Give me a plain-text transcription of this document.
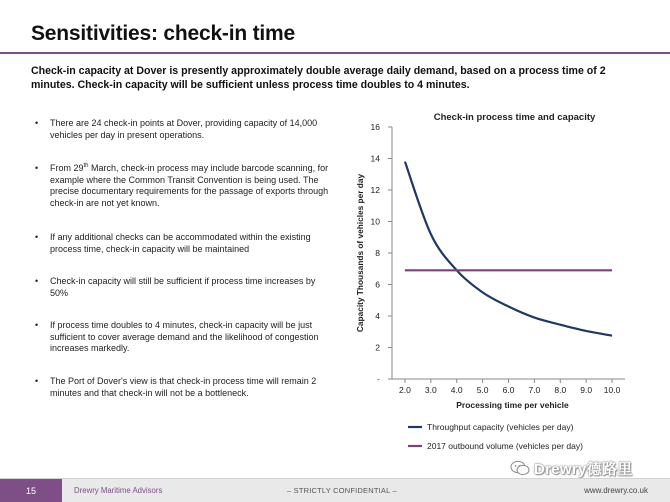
Sensitivities: check-in time
Check-in capacity at Dover is presently approximately double average daily demand, based on a process time of 2 minutes. Check-in capacity will be sufficient unless process time doubles to 4 minutes.
• There are 24 check-in points at Dover, providing capacity of 14,000 vehicles per day in present operations.
• From 29th March, check-in process may include barcode scanning, for example where the Common Transit Convention is being used. The precise documentary requirements for the passage of exports through check-in are not yet known.
• If any additional checks can be accommodated within the existing process time, check-in capacity will be maintained
• Check-in capacity will still be sufficient if process time increases by 50%
• If process time doubles to 4 minutes, check-in capacity will be just sufficient to cover average demand and the likelihood of congestion increases markedly.
• The Port of Dover's view is that check-in process time will remain 2 minutes and that check-in will not be a bottleneck.
Check-in process time and capacity
-
2
4
6
8
10
12
14
16
2.0 3.0 4.0 5.0 6.0 7.0 8.0 9.0 10.0
Processing time per vehicle
Capacity Thousands of vehicles per day
Throughput capacity (vehicles per day)
2017 outbound volume (vehicles per day)
Drewry德路里
15	Drewry Maritime Advisors	– STRICTLY CONFIDENTIAL –	www.drewry.co.uk
